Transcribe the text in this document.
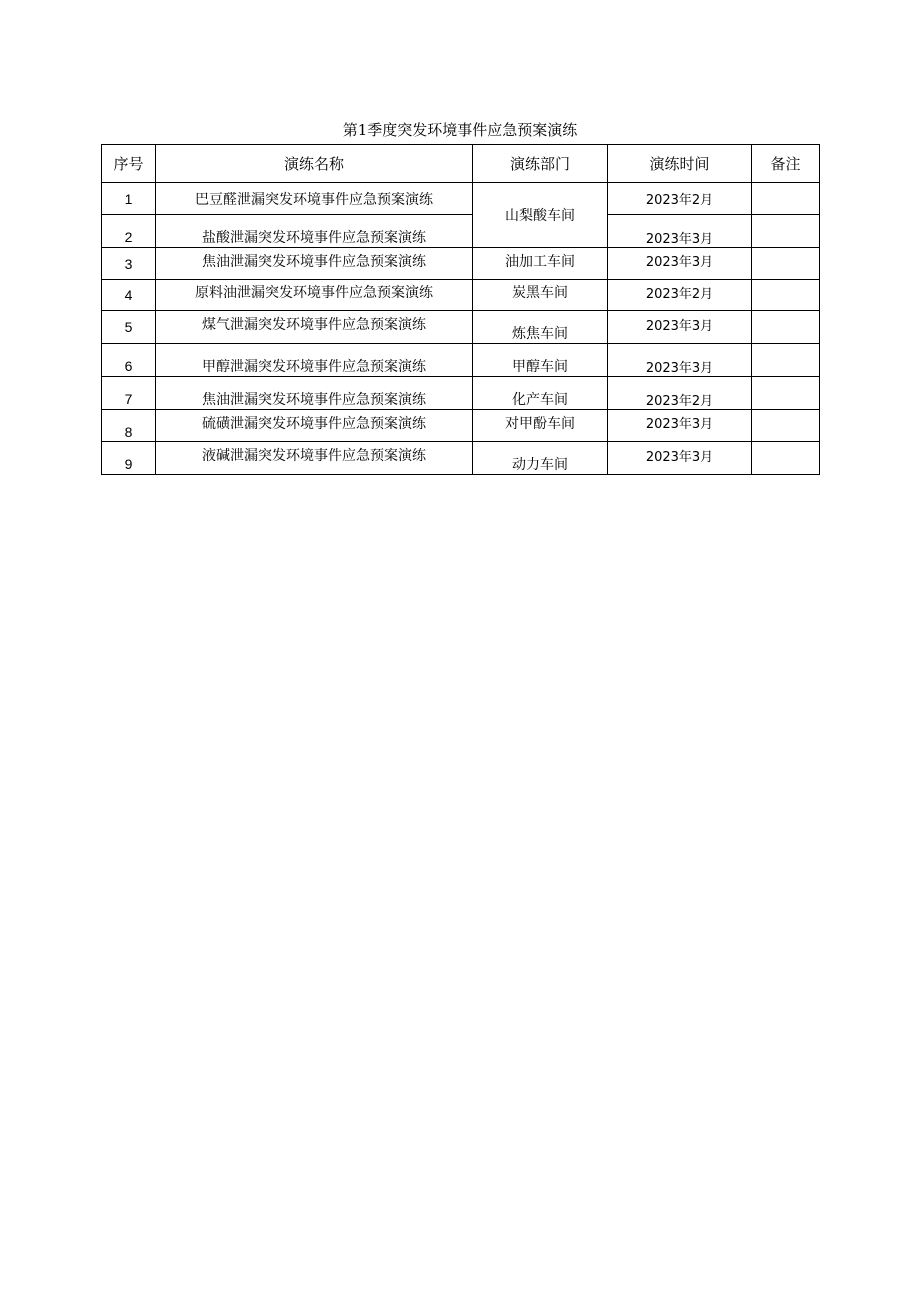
第1季度突发环境事件应急预案演练
序号	演练名称	演练部门	演练时间	备注
1	巴豆醛泄漏突发环境事件应急预案演练	山梨酸车间	2023年2月	
2	盐酸泄漏突发环境事件应急预案演练		2023年3月	
3	焦油泄漏突发环境事件应急预案演练	油加工车间	2023年3月	
4	原料油泄漏突发环境事件应急预案演练	炭黑车间	2023年2月	
5	煤气泄漏突发环境事件应急预案演练	炼焦车间	2023年3月	
6	甲醇泄漏突发环境事件应急预案演练	甲醇车间	2023年3月	
7	焦油泄漏突发环境事件应急预案演练	化产车间	2023年2月	
8	硫磺泄漏突发环境事件应急预案演练	对甲酚车间	2023年3月	
9	液碱泄漏突发环境事件应急预案演练	动力车间	2023年3月	
